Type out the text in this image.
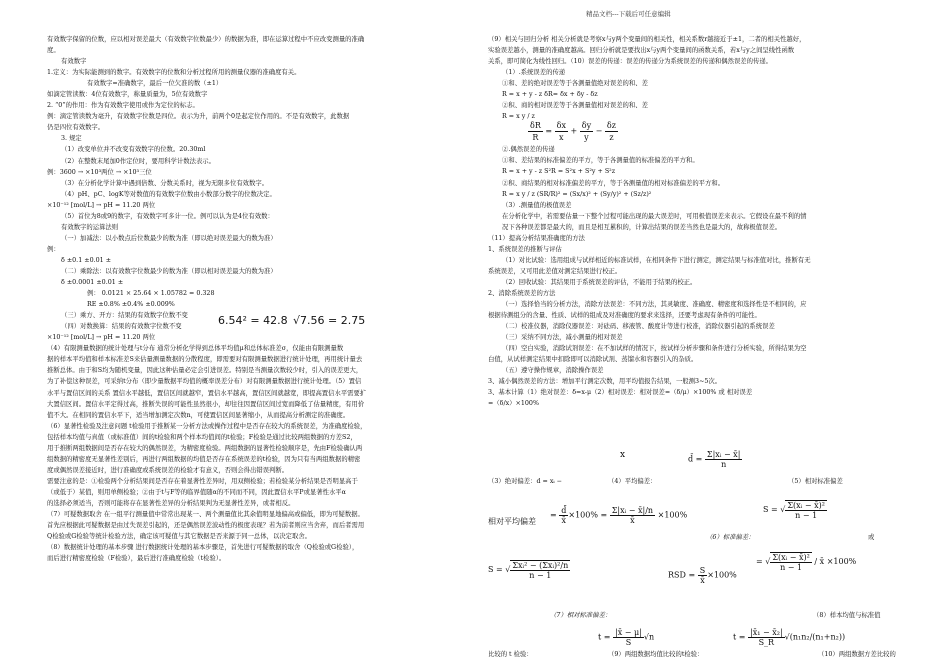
精品文档---下载后可任意编辑
有效数字保留的位数，应以相对误差最大（有效数字位数最少）的数据为准，即在运算过程中不应改变测量的准确
度。
有效数字
1.定义：为实际能测到的数字。有效数字的位数和分析过程所用的测量仪器的准确度有关。
有效数字=准确数字，最后一位欠准的数（±1）
如滴定管读数：4位有效数字，称量质量为，5位有效数字
2. “0”的作用：作为有效数字使用或作为定位的标志。
例：滴定管读数为毫升，有效数字位数是四位。表示为升，前两个0是起定位作用的。不是有效数字，此数据
仍是四位有效数字。
3. 规定
（1）改变单位并不改变有效数字的位数。20.30ml
（2）在整数末尾加0作定位时，要用科学计数法表示。
例：3600 → ×10³两位 → ×10³三位
（3）在分析化学计算中遇到倍数、分数关系时，视为无限多位有效数字。
（4）pH、pC、logK等对数值的有效数字位数由小数部分数字的位数决定。
×10⁻¹² [mol/L] → pH = 11.20 两位
（5）首位为8或9的数字，有效数字可多计一位。例可以认为是4位有效数：
有效数字的运算法则
（一）加减法：以小数点后位数最少的数为准（即以绝对误差最大的数为准）
例：
δ ±0.1 ±0.01 ±
（二）乘除法：以有效数字位数最少的数为准（即以相对误差最大的数为准）
δ ±0.0001 ±0.01 ±
例： 0.0121 × 25.64 × 1.05782 = 0.328
RE ±0.8% ±0.4% ±0.009%
（三）乘方、开方：结果的有效数字位数不变
（四）对数换算：结果的有效数字位数不变
×10⁻¹² [mol/L] → pH = 11.20 两位
（4）有限测量数据的统计处理与t分布 通常分析化学得到总体平均值μ和总体标准差σ，仅能由有限测量数
据的样本平均值和样本标准差S来估量测量数据的分散程度，即需要对有限测量数据进行统计处理，再用统计量去
推断总体。由于和S均为随机变量，因此这种估量必定会引进误差。特别是当测量次数较少时，引入的误差更大，
为了补偿这种误差，可采纳t分布（即少量数据平均值的概率误差分布）对有限测量数据进行统计处理。（5）置信
水平与置信区间的关系 置信水平越低，置信区间就越窄，置信水平越高，置信区间就越宽，即提高置信水平需要扩
大置信区间。置信水平定得过高，推断失误的可能性虽然很小，却往往因置信区间过宽而降低了估量精度，有用价
值不大。在相同的置信水平下，适当增加测定次数n，可使置信区间显著缩小，从而提高分析测定的准确度。
（6）显著性检验及注意问题 t检验用于推断某一分析方法或操作过程中是否存在较大的系统误差，为准确度检验，
包括样本均值与真值（或标准值）间的t检验和两个样本均值间的t检验；F检验是通过比较两组数据的方差S2，
用于推断两组数据间是否存在较大的偶然误差，为精密度检验。两组数据的显著性检验顺序是，先由F检验确认两
组数据的精密度无显著性差别后，再进行两组数据的均值是否存在系统误差的t检验，因为只有当两组数据的精密
度或偶然误差接近时，进行准确度或系统误差的检验才有意义，否则会得出错误判断。
需要注意的是：①检验两个分析结果间是否存在着显著性差异时，用双侧检验；若检验某分析结果是否明显高于
（或低于）某值，则用单侧检验；②由于t与F等的临界值随α的不同而不同，因此置信水平P或显著性水平α
的选择必须适当，否则可能将存在显著性差异的分析结果判为无显著性差异，或者相反。
（7）可疑数据取舍 在一组平行测量值中常常出现某一、两个测量值比其余值明显地偏高或偏低，即为可疑数据。
首先应根据此可疑数据是由过失误差引起的，还是偶然误差波动性的极度表现？若为前者则应当舍弃，而后者需用
Q检验或G检验等统计检验方法，确定该可疑值与其它数据是否来源于同一总体，以决定取舍。
（8）数据统计处理的基本步骤 进行数据统计处理的基本步骤是，首先进行可疑数据的取舍（Q检验或G检验），
而后进行精密度检验（F检验），最后进行准确度检验（t检验）。
6.54² = 42.8 √7.56 = 2.75
（9）相关与回归分析 相关分析就是考察x与y两个变量间的相关性，相关系数r越接近于±1，二者的相关性越好，
实验误差越小，测量的准确度越高。回归分析就是要找出x与y两个变量间的函数关系，若x与y之间呈线性函数
关系，即可简化为线性回归。（10）误差的传递：误差的传递分为系统误差的传递和偶然误差的传递。
（1）.系统误差的传递
①和、差的绝对误差等于各测量值绝对误差的和、差
R = x + y - z δR= δx + δy - δz
②积、商的相对误差等于各测量值相对误差的和、差
R = x y / z
$\frac{\delta R}{R} = \frac{\delta x}{x} + \frac{\delta y}{y} - \frac{\delta z}{z}$
②.偶然误差的传递
①和、差结果的标准偏差的平方，等于各测量值的标准偏差的平方和。
R = x + y - z S²R = S²x + S²y + S²z
②积、商结果的相对标准偏差的平方，等于各测量值的相对标准偏差的平方和。
R = x y / z (SR/R)² = (Sx/x)² + (Sy/y)² + (Sz/z)²
（3）.测量值的极值误差
在分析化学中，若需要估量一下整个过程可能出现的最大误差时，可用极值误差来表示。它假设在最不利的情
况下各种误差都是最大的，而且是相互累积的，计算出结果的误差当然也是最大的，故称极值误差。
（11）提高分析结果准确度的方法
1、系统误差的推断与评估
（1）对比试验：选用组成与试样相近的标准试样，在相同条件下进行测定，测定结果与标准值对比，推断有无
系统误差，又可用此差值对测定结果进行校正。
（2）回收试验：其结果用于系统误差的评估，不能用于结果的校正。
2、消除系统误差的方法
（一）选择恰当的分析方法，消除方法误差：不同方法，其灵敏度、准确度、精密度和选择性是不相同的，应
根据待测组分的含量、性质、试样的组成及对准确度的要求来选择，还要考虑现有条件的可能性。
（二）校准仪器，消除仪器误差：对砝码、移液管、酸度计等进行校准，消除仪器引起的系统误差
（三）采纳不同方法，减小测量的相对误差
（四）空白实验，消除试剂误差：在不加试样的情况下，按试样分析步骤和条件进行分析实验，所得结果为空
白值，从试样测定结果中扣除即可以消除试剂、蒸馏水和容器引入的杂质。
（五）遵守操作规章，消除操作误差
3、减小偶然误差的方法：增加平行测定次数，用平均值报告结果，一般测3~5次。
3、基本计算（1）绝对误差：δ=x-μ（2）相对误差：相对误差=（δ/μ）×100% 或 相对误差
=（δ/x）×100%
x
（3）绝对偏差：d = xᵢ −	（4）平均偏差：
d̄ = $\frac{\text{Σ|xᵢ − x̄|}}{n}$
（5）相对标准偏差
相对平均偏差
= $\frac{d̄}{x̄} \times 100\% = \frac{\text{Σ|xᵢ − x̄|/n}}{x̄} \times 100\%$
（6）标准偏差：
S = √ $\frac{\text{Σ(xᵢ − x̄)²}}{n - 1}$
或
S = √ $\frac{\text{Σxᵢ² − (Σxᵢ)²/n}}{n - 1}$	RSD = $\frac{S}{x̄} \times 100\%$
= √ $\frac{\text{Σ(xᵢ − x̄)²}}{n - 1}$ / x̄ ×100%
（7）相对标准偏差：	（8）样本均值与标准值
比较的 t 检验：
$t = \frac{|x̄ - \mu|}{S} √n$
（9）两组数据均值比较的t检验：
$t = \frac{\text{|x̄₁ − x̄₂|}}{S\_R} √(n_1n_2/(n_1+n_2))$
（10）两组数据方差比较的
